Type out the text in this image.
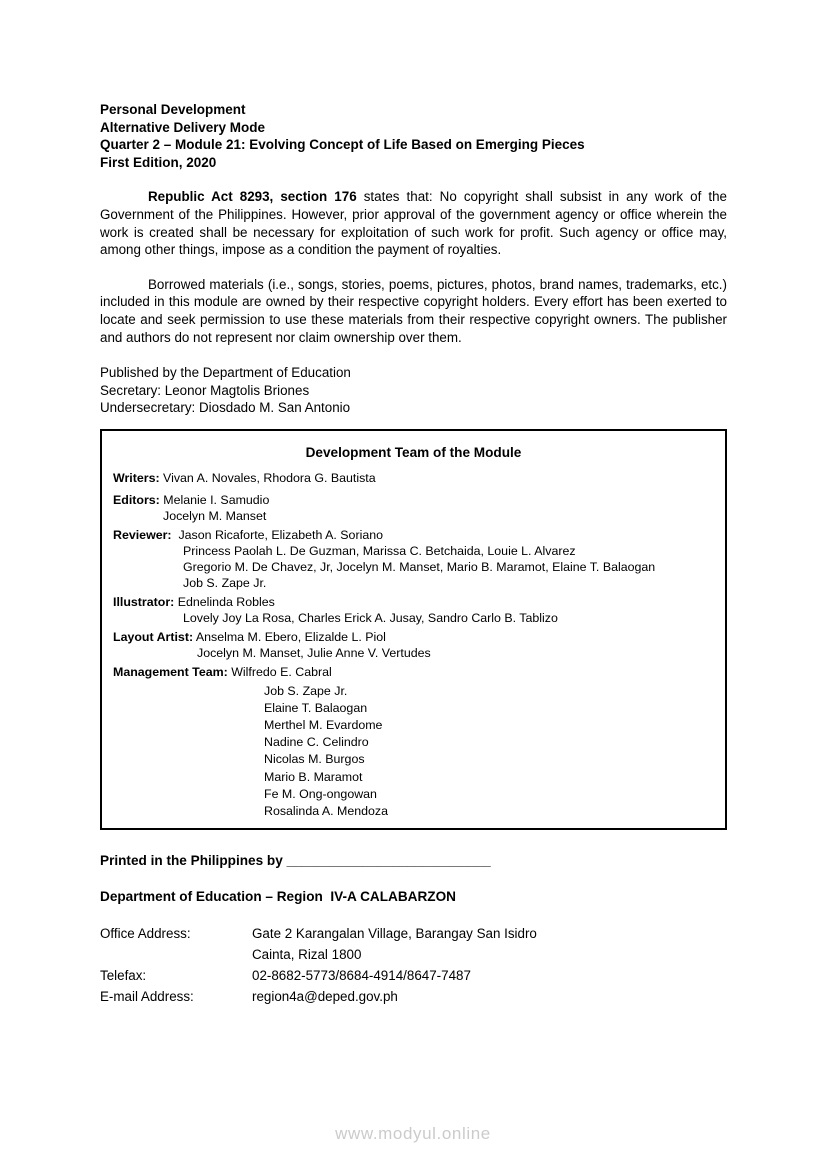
Personal Development
Alternative Delivery Mode
Quarter 2 – Module 21: Evolving Concept of Life Based on Emerging Pieces
First Edition, 2020

Republic Act 8293, section 176 states that: No copyright shall subsist in any work of the Government of the Philippines. However, prior approval of the government agency or office wherein the work is created shall be necessary for exploitation of such work for profit. Such agency or office may, among other things, impose as a condition the payment of royalties.

Borrowed materials (i.e., songs, stories, poems, pictures, photos, brand names, trademarks, etc.) included in this module are owned by their respective copyright holders. Every effort has been exerted to locate and seek permission to use these materials from their respective copyright owners. The publisher and authors do not represent nor claim ownership over them.

Published by the Department of Education
Secretary: Leonor Magtolis Briones
Undersecretary: Diosdado M. San Antonio
Development Team of the Module
Writers: Vivan A. Novales, Rhodora G. Bautista
Editors: Melanie I. Samudio
Jocelyn M. Manset
Reviewer: Jason Ricaforte, Elizabeth A. Soriano
Princess Paolah L. De Guzman, Marissa C. Betchaida, Louie L. Alvarez
Gregorio M. De Chavez, Jr, Jocelyn M. Manset, Mario B. Maramot, Elaine T. Balaogan
Job S. Zape Jr.
Illustrator: Ednelinda Robles
Lovely Joy La Rosa, Charles Erick A. Jusay, Sandro Carlo B. Tablizo
Layout Artist: Anselma M. Ebero, Elizalde L. Piol
Jocelyn M. Manset, Julie Anne V. Vertudes
Management Team: Wilfredo E. Cabral
Job S. Zape Jr.
Elaine T. Balaogan
Merthel M. Evardome
Nadine C. Celindro
Nicolas M. Burgos
Mario B. Maramot
Fe M. Ong-ongowan
Rosalinda A. Mendoza
Printed in the Philippines by ___________________________
Department of Education – Region  IV-A CALABARZON
Office Address:	Gate 2 Karangalan Village, Barangay San Isidro
Cainta, Rizal 1800
Telefax:	02-8682-5773/8684-4914/8647-7487
E-mail Address:	region4a@deped.gov.ph
www.modyul.online
